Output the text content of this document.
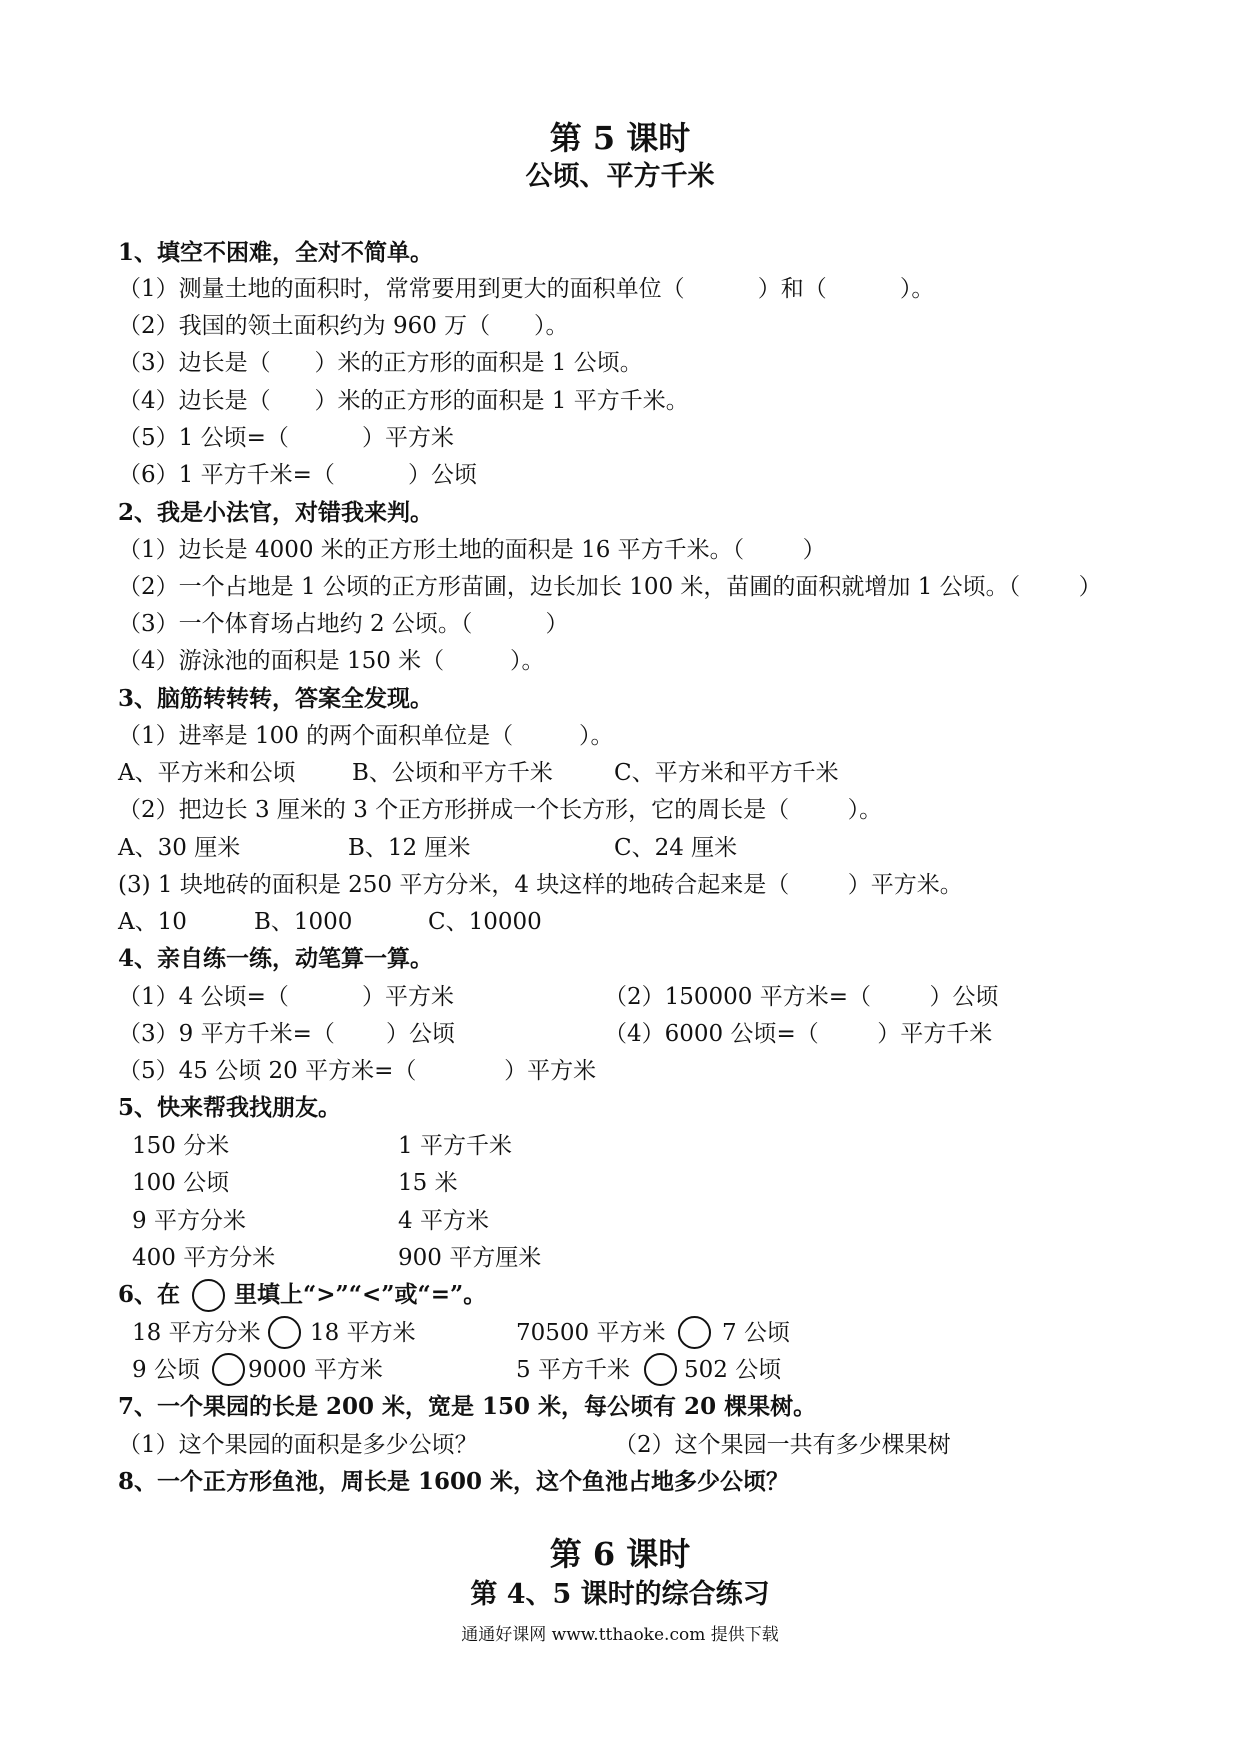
第 5 课时
公顷、平方千米
1、填空不困难，全对不简单。
（1）测量土地的面积时，常常要用到更大的面积单位（          ）和（          ）。
（2）我国的领土面积约为 960 万（      ）。
（3）边长是（      ）米的正方形的面积是 1 公顷。
（4）边长是（      ）米的正方形的面积是 1 平方千米。
（5）1 公顷=（          ）平方米
（6）1 平方千米=（          ）公顷
2、我是小法官，对错我来判。
（1）边长是 4000 米的正方形土地的面积是 16 平方千米。（        ）
（2）一个占地是 1 公顷的正方形苗圃，边长加长 100 米，苗圃的面积就增加 1 公顷。（        ）
（3）一个体育场占地约 2 公顷。（          ）
（4）游泳池的面积是 150 米（         ）。
3、脑筋转转转，答案全发现。
（1）进率是 100 的两个面积单位是（         ）。
A、平方米和公顷 B、公顷和平方千米	C、平方米和平方千米
（2）把边长 3 厘米的 3 个正方形拼成一个长方形，它的周长是（        ）。
A、30 厘米	B、12 厘米	C、24 厘米
(3) 1 块地砖的面积是 250 平方分米，4 块这样的地砖合起来是（        ）平方米。
A、10	B、1000	C、10000
4、亲自练一练，动笔算一算。
（1）4 公顷=（          ）平方米	（2）150000 平方米=（        ）公顷
（3）9 平方千米=（       ）公顷	（4）6000 公顷=（        ）平方千米
（5）45 公顷 20 平方米=（            ）平方米
5、快来帮我找朋友。
150 分米	1 平方千米
100 公顷	15 米
9 平方分米	4 平方米
400 平方分米	900 平方厘米
6、在 里填上“>”“<”或“=”。
18 平方分米 18 平方米	70500 平方米 7 公顷
9 公顷 9000 平方米	5 平方千米 502 公顷
7、一个果园的长是 200 米，宽是 150 米，每公顷有 20 棵果树。
（1）这个果园的面积是多少公顷？	（2）这个果园一共有多少棵果树
8、一个正方形鱼池，周长是 1600 米，这个鱼池占地多少公顷？
第 6 课时
第 4、5 课时的综合练习
通通好课网 www.tthaoke.com 提供下载
